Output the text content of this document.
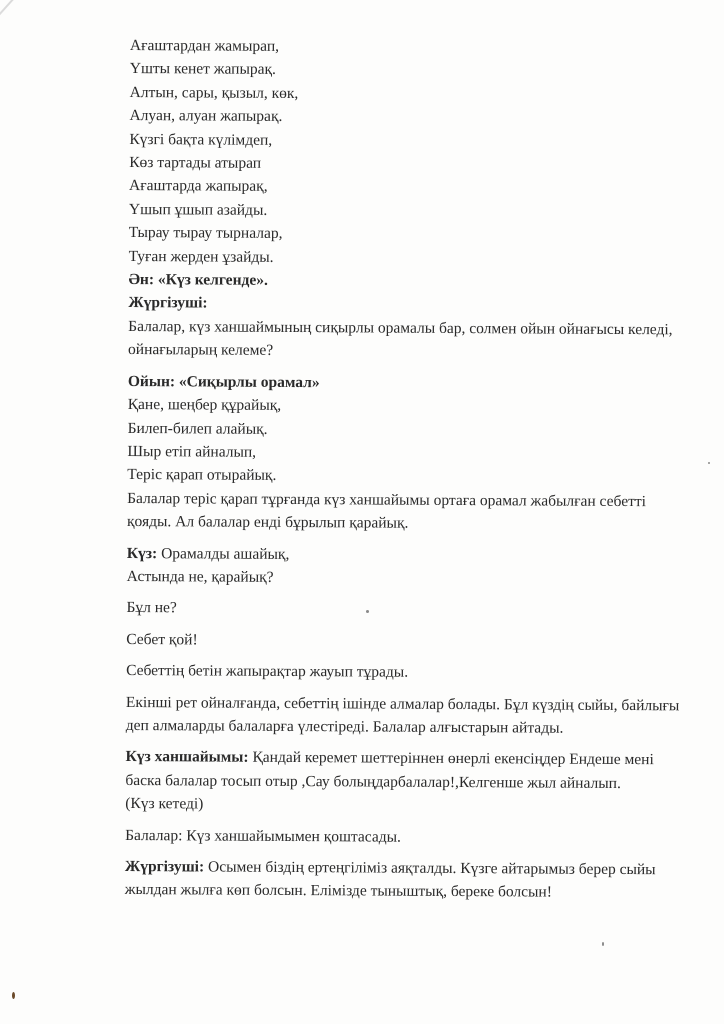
Ағаштардан жамырап,
Үшты кенет жапырақ.
Алтын, сары, қызыл, көк,
Алуан, алуан жапырақ.
Күзгі бақта күлімдеп,
Көз тартады атырап
Ағаштарда жапырақ,
Үшып ұшып азайды.
Тырау тырау тырналар,
Туған жерден ұзайды.
Ән: «Күз келгенде».
Жүргізуші:
Балалар, күз ханшаймының сиқырлы орамалы бар, солмен ойын ойнағысы келеді, ойнағыларың келеме?
Ойын: «Сиқырлы орамал»
Қане, шеңбер құрайық,
Билеп-билеп алайық.
Шыр етіп айналып,
Теріс қарап отырайық.
Балалар теріс қарап тұрғанда күз ханшайымы ортаға орамал жабылған себетті қояды. Ал балалар енді бұрылып қарайық.
Күз: Орамалды ашайық,
Астында не, қарайық?
Бұл не?
Себет қой!
Себеттің бетін жапырақтар жауып тұрады.
Екінші рет ойналғанда, себеттің ішінде алмалар болады. Бұл күздің сыйы, байлығы деп алмаларды балаларға үлестіреді. Балалар алғыстарын айтады.
Күз ханшайымы: Қандай керемет шеттеріннен өнерлі екенсіңдер Ендеше мені баска балалар тосып отыр ,Сау болыңдарбалалар!,Келгенше жыл айналып.
(Күз кетеді)
Балалар: Күз ханшайымымен қоштасады.
Жүргізуші: Осымен біздің ертеңгіліміз аяқталды. Күзге айтарымыз берер сыйы жылдан жылға көп болсын. Елімізде тыныштық, береке болсын!
